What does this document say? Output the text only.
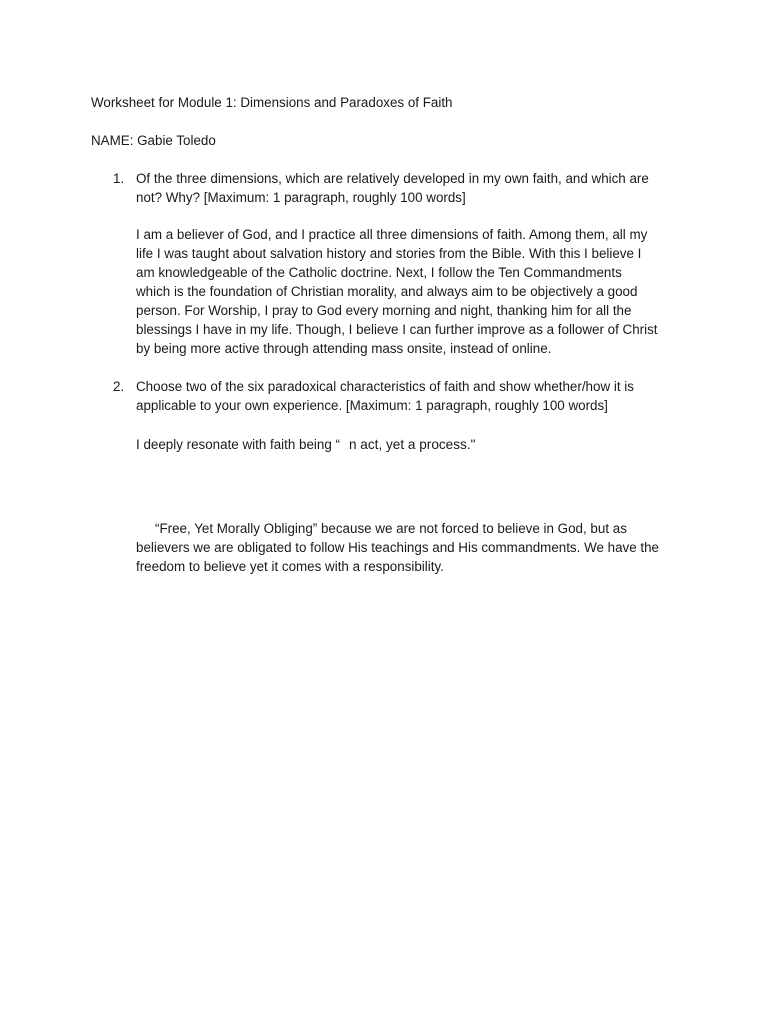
Worksheet for Module 1: Dimensions and Paradoxes of Faith
NAME: Gabie Toledo
1. Of the three dimensions, which are relatively developed in my own faith, and which are
not? Why? [Maximum: 1 paragraph, roughly 100 words]
I am a believer of God, and I practice all three dimensions of faith. Among them, all my
life I was taught about salvation history and stories from the Bible. With this I believe I
am knowledgeable of the Catholic doctrine. Next, I follow the Ten Commandments
which is the foundation of Christian morality, and always aim to be objectively a good
person. For Worship, I pray to God every morning and night, thanking him for all the
blessings I have in my life. Though, I believe I can further improve as a follower of Christ
by being more active through attending mass onsite, instead of online.
2. Choose two of the six paradoxical characteristics of faith and show whether/how it is
applicable to your own experience. [Maximum: 1 paragraph, roughly 100 words]
I deeply resonate with faith being “ n act, yet a process."
“Free, Yet Morally Obliging” because we are not forced to believe in God, but as
believers we are obligated to follow His teachings and His commandments. We have the
freedom to believe yet it comes with a responsibility.
